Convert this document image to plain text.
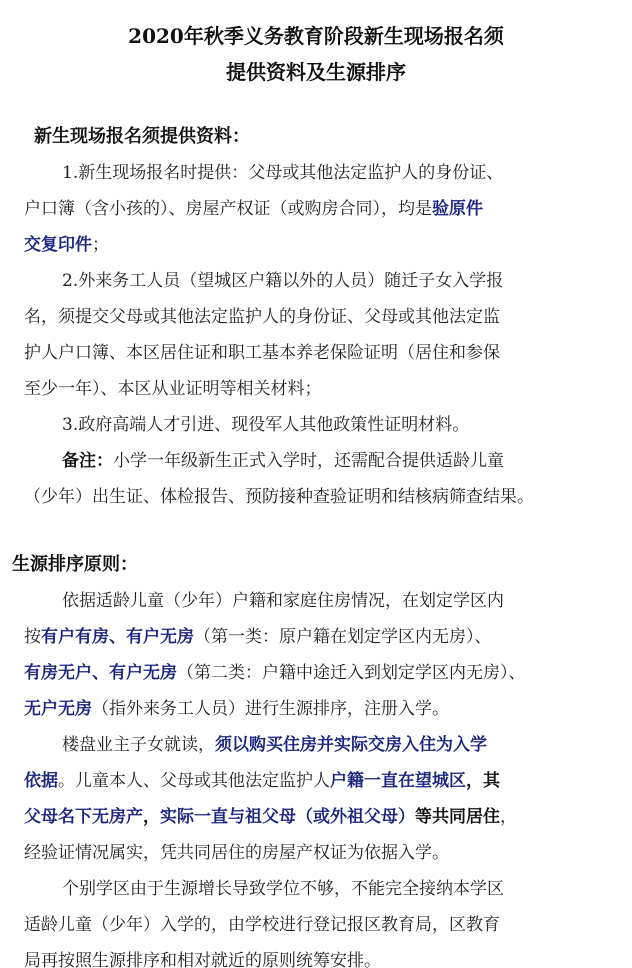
2020年秋季义务教育阶段新生现场报名须
提供资料及生源排序
新生现场报名须提供资料：
1.新生现场报名时提供：父母或其他法定监护人的身份证、
户口簿（含小孩的）、房屋产权证（或购房合同），均是验原件
交复印件；
2.外来务工人员（望城区户籍以外的人员）随迁子女入学报
名，须提交父母或其他法定监护人的身份证、父母或其他法定监
护人户口簿、本区居住证和职工基本养老保险证明（居住和参保
至少一年）、本区从业证明等相关材料；
3.政府高端人才引进、现役军人其他政策性证明材料。
备注：小学一年级新生正式入学时，还需配合提供适龄儿童
（少年）出生证、体检报告、预防接种查验证明和结核病筛查结果。
生源排序原则：
依据适龄儿童（少年）户籍和家庭住房情况，在划定学区内
按有户有房、有户无房（第一类：原户籍在划定学区内无房）、
有房无户、有户无房（第二类：户籍中途迁入到划定学区内无房）、
无户无房（指外来务工人员）进行生源排序，注册入学。
楼盘业主子女就读，须以购买住房并实际交房入住为入学
依据。儿童本人、父母或其他法定监护人户籍一直在望城区，其
父母名下无房产，实际一直与祖父母（或外祖父母）等共同居住，
经验证情况属实，凭共同居住的房屋产权证为依据入学。
个别学区由于生源增长导致学位不够，不能完全接纳本学区
适龄儿童（少年）入学的，由学校进行登记报区教育局，区教育
局再按照生源排序和相对就近的原则统筹安排。
